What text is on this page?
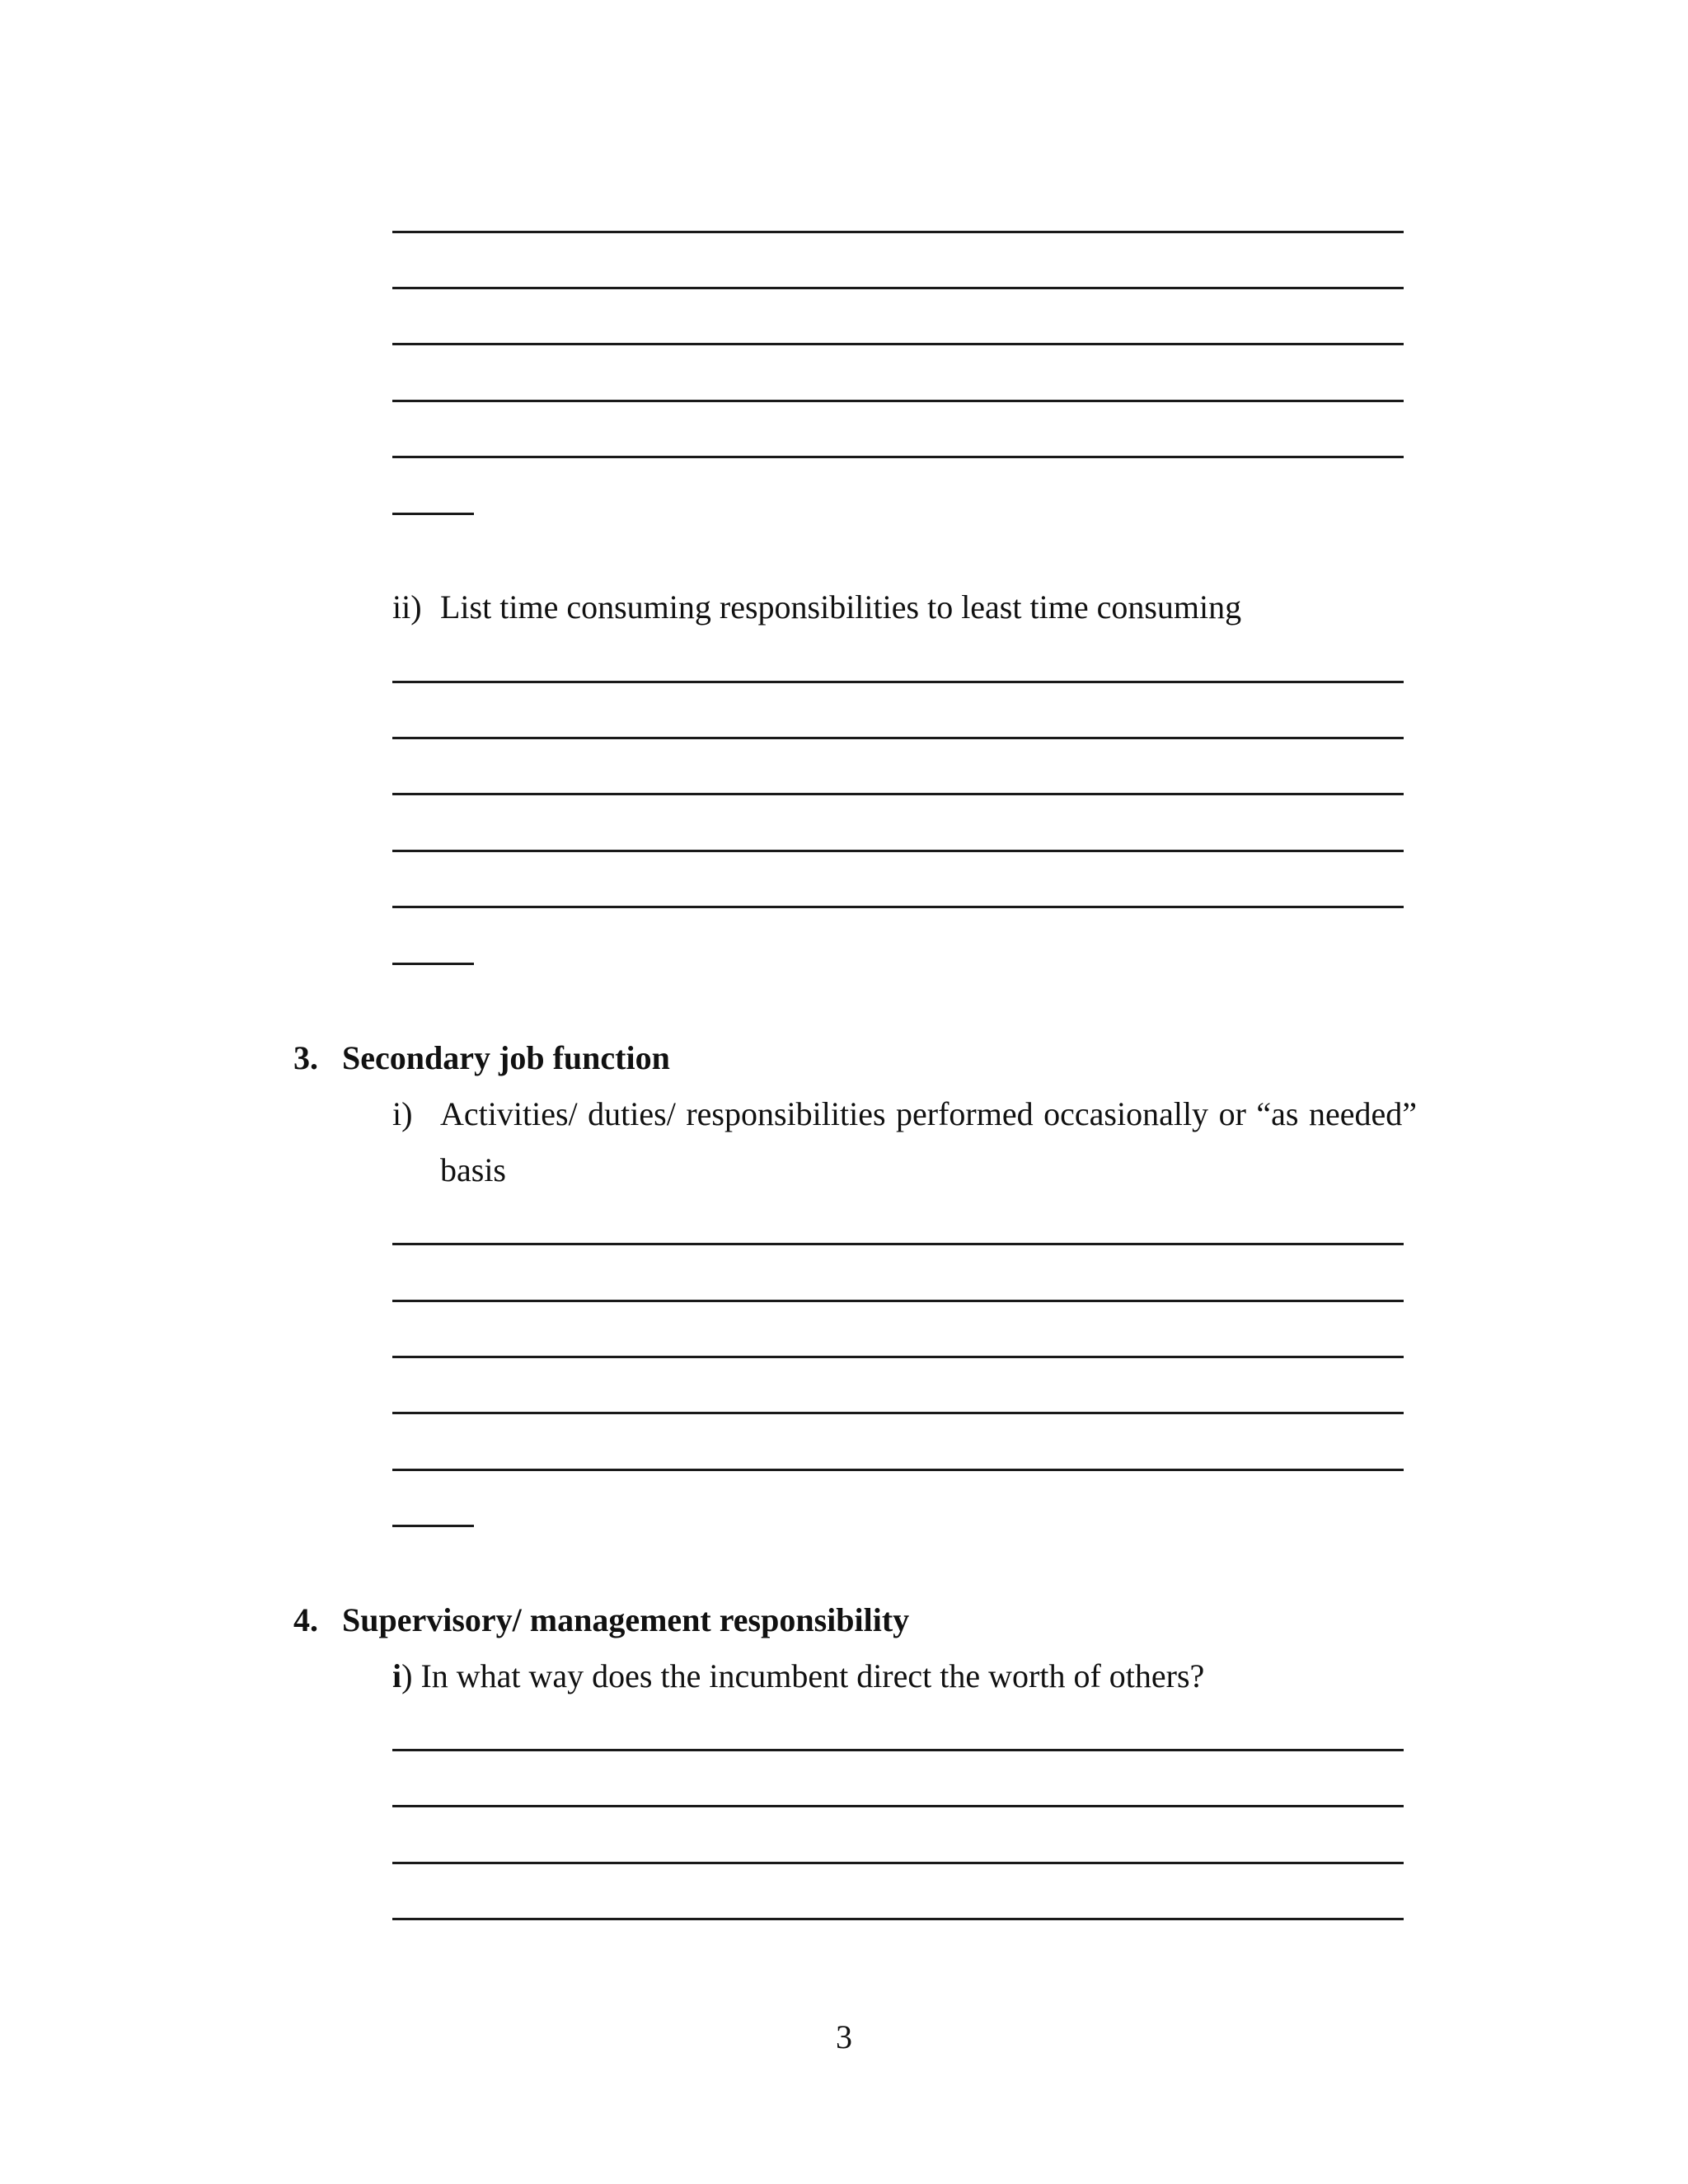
ii) List time consuming responsibilities to least time consuming
3. Secondary job function
i) Activities/ duties/ responsibilities performed occasionally or “as needed”
basis
4. Supervisory/ management responsibility
i) In what way does the incumbent direct the worth of others?
3
